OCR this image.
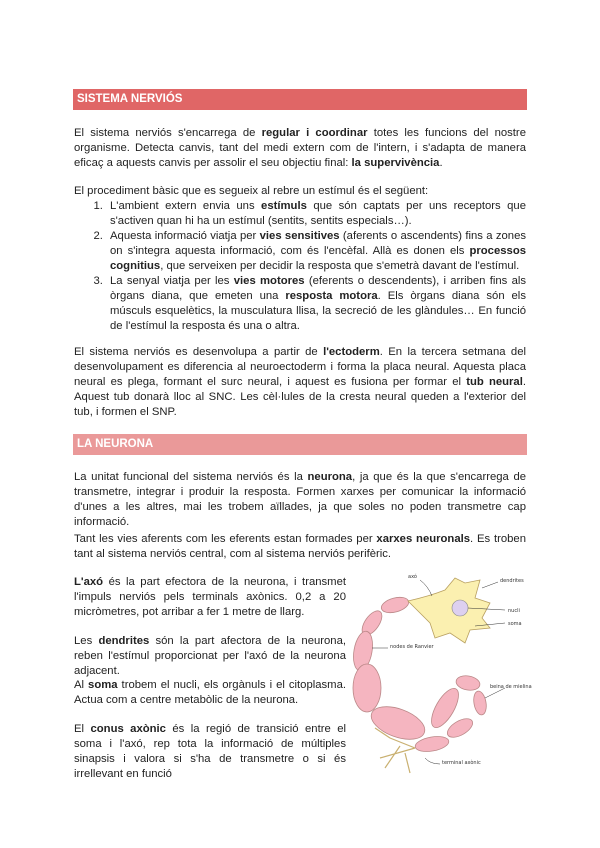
SISTEMA NERVIÓS

El sistema nerviós s'encarrega de regular i coordinar totes les funcions del nostre organisme. Detecta canvis, tant del medi extern com de l'intern, i s'adapta de manera eficaç a aquests canvis per assolir el seu objectiu final: la supervivència.

El procediment bàsic que es segueix al rebre un estímul és el següent:

1. L'ambient extern envia uns estímuls que són captats per uns receptors que s'activen quan hi ha un estímul (sentits, sentits especials…).
2. Aquesta informació viatja per vies sensitives (aferents o ascendents) fins a zones on s'integra aquesta informació, com és l'encèfal. Allà es donen els processos cognitius, que serveixen per decidir la resposta que s'emetrà davant de l'estímul.
3. La senyal viatja per les vies motores (eferents o descendents), i arriben fins als òrgans diana, que emeten una resposta motora. Els òrgans diana són els músculs esquelètics, la musculatura llisa, la secreció de les glàndules… En funció de l'estímul la resposta és una o altra.

El sistema nerviós es desenvolupa a partir de l'ectoderm. En la tercera setmana del desenvolupament es diferencia al neuroectoderm i forma la placa neural. Aquesta placa neural es plega, formant el surc neural, i aquest es fusiona per formar el tub neural. Aquest tub donarà lloc al SNC. Les cèl·lules de la cresta neural queden a l'exterior del tub, i formen el SNP.

LA NEURONA

La unitat funcional del sistema nerviós és la neurona, ja que és la que s'encarrega de transmetre, integrar i produir la resposta. Formen xarxes per comunicar la informació d'unes a les altres, mai les trobem aïllades, ja que soles no poden transmetre cap informació.

Tant les vies aferents com les eferents estan formades per xarxes neuronals. Es troben tant al sistema nerviós central, com al sistema nerviós perifèric.

L'axó és la part efectora de la neurona, i transmet l'impuls nerviós pels terminals axònics. 0,2 a 20 micròmetres, pot arribar a fer 1 metre de llarg.
Les dendrites són la part afectora de la neurona, reben l'estímul proporcionat per l'axó de la neurona adjacent.
Al soma trobem el nucli, els orgànuls i el citoplasma. Actua com a centre metabòlic de la neurona.
El conus axònic és la regió de transició entre el soma i l'axó, rep tota la informació de múltiples sinapsis i valora si s'ha de transmetre o si és irrellevant en funció
axó
dendrites
nucli
soma
nodes de Ranvier
beina de mielina
terminal axònic
